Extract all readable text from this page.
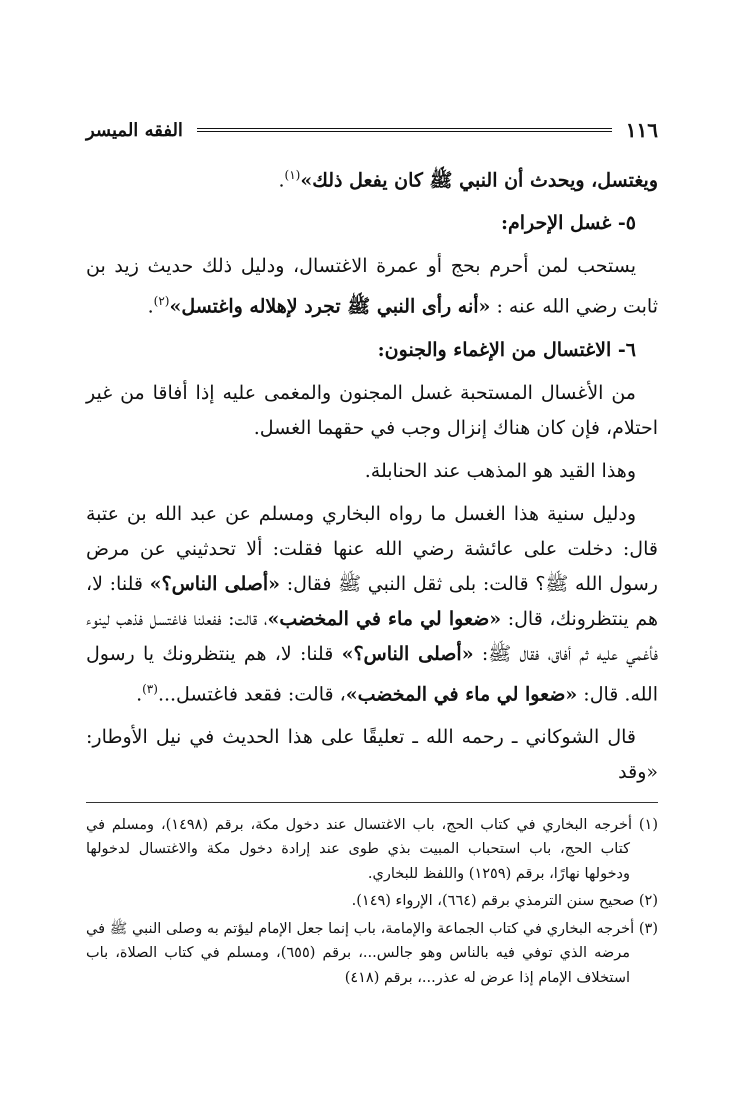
١١٦
الفقه الميسر

ويغتسل، ويحدث أن النبي ﷺ كان يفعل ذلك»$^{(١)}$.

٥- غسل الإحرام:

يستحب لمن أحرم بحج أو عمرة الاغتسال، ودليل ذلك حديث زيد بن ثابت رضي الله عنه : «أنه رأى النبي ﷺ تجرد لإهلاله واغتسل»$^{(٢)}$.

٦- الاغتسال من الإغماء والجنون:

من الأغسال المستحبة غسل المجنون والمغمى عليه إذا أفاقا من غير احتلام، فإن كان هناك إنزال وجب في حقهما الغسل.

وهذا القيد هو المذهب عند الحنابلة.

ودليل سنية هذا الغسل ما رواه البخاري ومسلم عن عبد الله بن عتبة قال: دخلت على عائشة رضي الله عنها فقلت: ألا تحدثيني عن مرض رسول الله ﷺ؟ قالت: بلى ثقل النبي ﷺ فقال: «أصلى الناس؟» قلنا: لا، هم ينتظرونك، قال: «ضعوا لي ماء في المخضب»، قالت: ففعلنا فاغتسل فذهب لينوء فأغمي عليه ثم أفاق، فقال ﷺ: «أصلى الناس؟» قلنا: لا، هم ينتظرونك يا رسول الله. قال: «ضعوا لي ماء في المخضب»، قالت: فقعد فاغتسل...$^{(٣)}$.

قال الشوكاني ـ رحمه الله ـ تعليقًا على هذا الحديث في نيل الأوطار: «وقد

(١) أخرجه البخاري في كتاب الحج، باب الاغتسال عند دخول مكة، برقم (١٤٩٨)، ومسلم في كتاب الحج، باب استحباب المبيت بذي طوى عند إرادة دخول مكة والاغتسال لدخولها ودخولها نهارًا، برقم (١٢٥٩) واللفظ للبخاري.

(٢) صحيح سنن الترمذي برقم (٦٦٤)، الإرواء (١٤٩).

(٣) أخرجه البخاري في كتاب الجماعة والإمامة، باب إنما جعل الإمام ليؤتم به وصلى النبي ﷺ في مرضه الذي توفي فيه بالناس وهو جالس...، برقم (٦٥٥)، ومسلم في كتاب الصلاة، باب استخلاف الإمام إذا عرض له عذر...، برقم (٤١٨)
